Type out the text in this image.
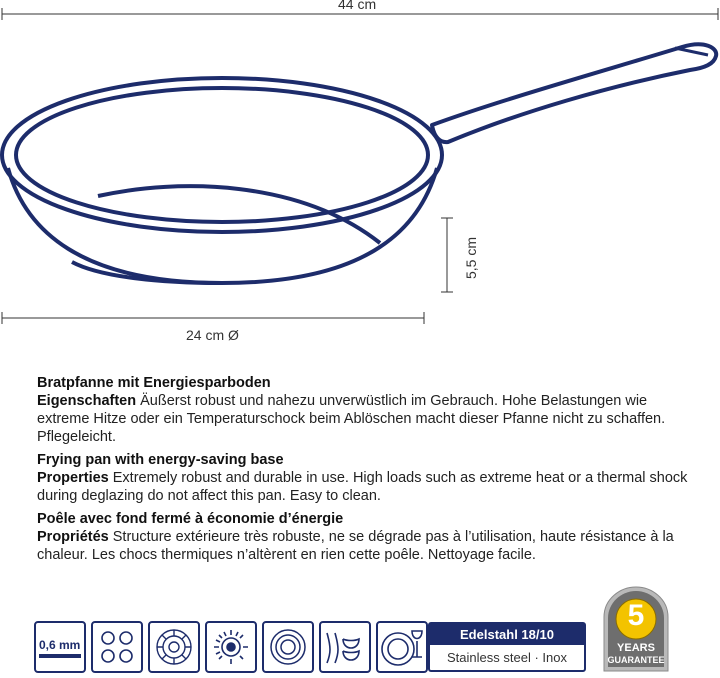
44 cm
24 cm Ø
5,5 cm
Bratpfanne mit Energiesparboden
Eigenschaften Äußerst robust und nahezu unverwüstlich im Gebrauch. Hohe Belastungen wie extreme Hitze oder ein Temperaturschock beim Ablöschen macht dieser Pfanne nicht zu schaffen. Pflegeleicht.
Frying pan with energy-saving base
Properties Extremely robust and durable in use. High loads such as extreme heat or a thermal shock during deglazing do not affect this pan. Easy to clean.
Poêle avec fond fermé à économie d’énergie
Propriétés Structure extérieure très robuste, ne se dégrade pas à l’utilisation, haute résistance à la chaleur. Les chocs thermiques n’altèrent en rien cette poêle. Nettoyage facile.
0,6 mm
Edelstahl 18/10
Stainless steel · Inox
5
YEARS
GUARANTEE
